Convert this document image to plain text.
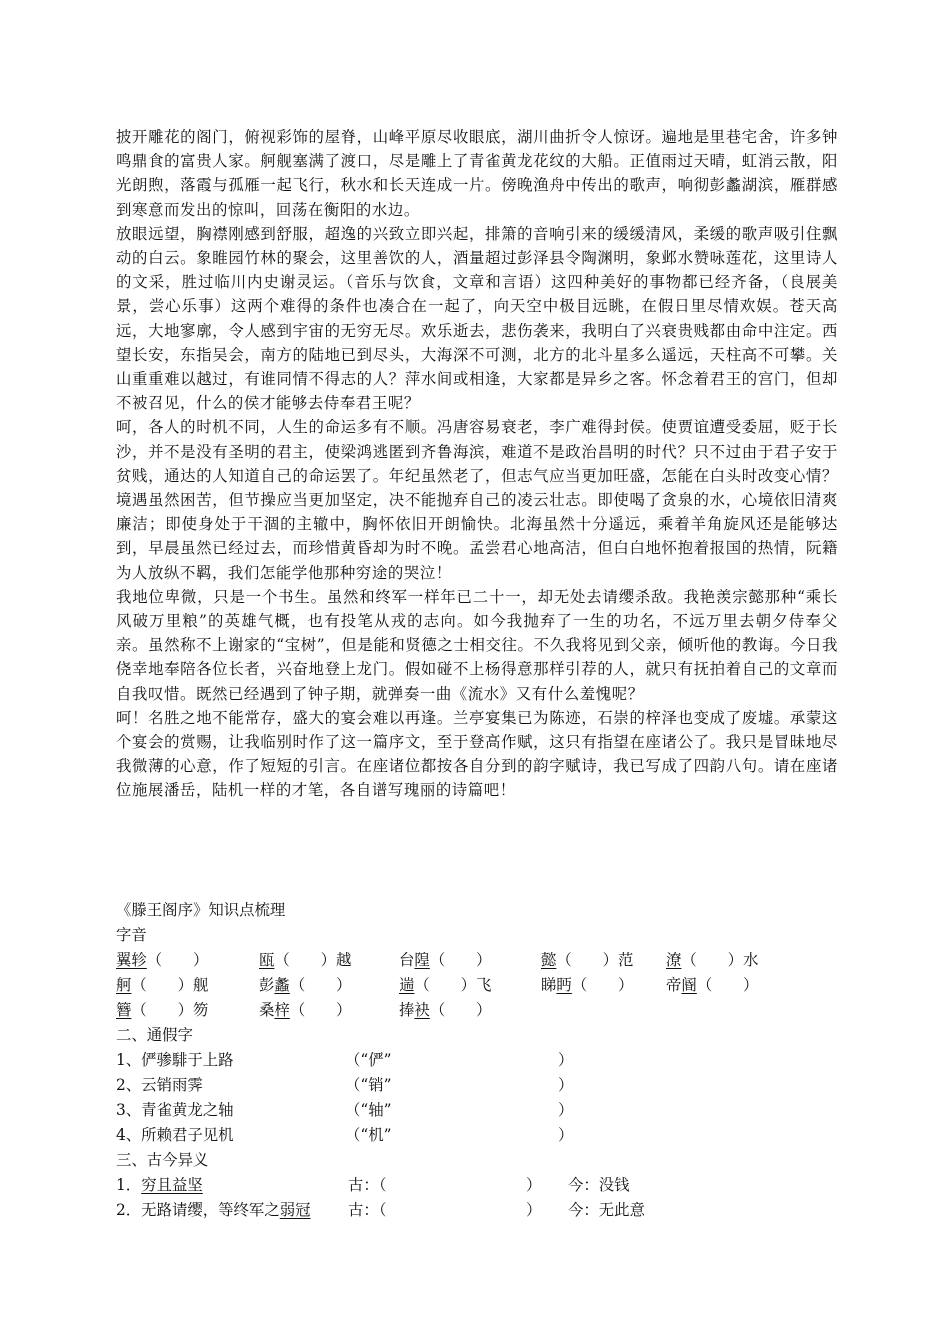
披开雕花的阁门，俯视彩饰的屋脊，山峰平原尽收眼底，湖川曲折令人惊讶。遍地是里巷宅舍，许多钟鸣鼎食的富贵人家。舸舰塞满了渡口，尽是雕上了青雀黄龙花纹的大船。正值雨过天晴，虹消云散，阳光朗煦，落霞与孤雁一起飞行，秋水和长天连成一片。傍晚渔舟中传出的歌声，响彻彭蠡湖滨，雁群感到寒意而发出的惊叫，回荡在衡阳的水边。

放眼远望，胸襟刚感到舒服，超逸的兴致立即兴起，排箫的音响引来的缓缓清风，柔缓的歌声吸引住飘动的白云。象睢园竹林的聚会，这里善饮的人，酒量超过彭泽县令陶渊明，象邺水赞咏莲花，这里诗人的文采，胜过临川内史谢灵运。（音乐与饮食，文章和言语）这四种美好的事物都已经齐备，（良展美景，尝心乐事）这两个难得的条件也凑合在一起了，向天空中极目远眺，在假日里尽情欢娱。苍天高远，大地寥廓，令人感到宇宙的无穷无尽。欢乐逝去，悲伤袭来，我明白了兴衰贵贱都由命中注定。西望长安，东指吴会，南方的陆地已到尽头，大海深不可测，北方的北斗星多么遥远，天柱高不可攀。关山重重难以越过，有谁同情不得志的人？萍水间或相逢，大家都是异乡之客。怀念着君王的宫门，但却不被召见，什么的侯才能够去侍奉君王呢？

呵，各人的时机不同，人生的命运多有不顺。冯唐容易衰老，李广难得封侯。使贾谊遭受委屈，贬于长沙，并不是没有圣明的君主，使梁鸿逃匿到齐鲁海滨，难道不是政治昌明的时代？只不过由于君子安于贫贱，通达的人知道自己的命运罢了。年纪虽然老了，但志气应当更加旺盛，怎能在白头时改变心情？境遇虽然困苦，但节操应当更加坚定，决不能抛弃自己的凌云壮志。即使喝了贪泉的水，心境依旧清爽廉洁；即使身处于干涸的主辙中，胸怀依旧开朗愉快。北海虽然十分遥远，乘着羊角旋风还是能够达到，早晨虽然已经过去，而珍惜黄昏却为时不晚。孟尝君心地高洁，但白白地怀抱着报国的热情，阮籍为人放纵不羁，我们怎能学他那种穷途的哭泣！

我地位卑微，只是一个书生。虽然和终军一样年已二十一，却无处去请缨杀敌。我艳羡宗懿那种“乘长风破万里粮”的英雄气概，也有投笔从戎的志向。如今我抛弃了一生的功名，不远万里去朝夕侍奉父亲。虽然称不上谢家的“宝树”，但是能和贤德之士相交往。不久我将见到父亲，倾听他的教诲。今日我侥幸地奉陪各位长者，兴奋地登上龙门。假如碰不上杨得意那样引荐的人，就只有抚拍着自己的文章而自我叹惜。既然已经遇到了钟子期，就弹奏一曲《流水》又有什么羞愧呢？

呵！名胜之地不能常存，盛大的宴会难以再逢。兰亭宴集已为陈迹，石崇的梓泽也变成了废墟。承蒙这个宴会的赏赐，让我临别时作了这一篇序文，至于登高作赋，这只有指望在座诸公了。我只是冒昧地尽我微薄的心意，作了短短的引言。在座诸位都按各自分到的韵字赋诗，我已写成了四韵八句。请在座诸位施展潘岳，陆机一样的才笔，各自谱写瑰丽的诗篇吧！

《滕王阁序》知识点梳理
字音
翼轸（　　）	瓯（　　）越	台隍（　　）	懿（　　）范 潦（　　）水
舸（　　）舰	彭蠡（　　）	遄（　　）飞	睇眄（　　） 帝阍（　　）
簪（　　）笏	桑梓（　　）	捧袂（　　）
二、通假字
1、俨骖騑于上路	（“俨”	）
2、云销雨霁	（“销”	）
3、青雀黄龙之轴	（“轴”	）
4、所赖君子见机	（“机”	）
三、古今异义
1．穷且益坚	古：（	） 今：没钱
2．无路请缨，等终军之弱冠 古：（	） 今：无此意
